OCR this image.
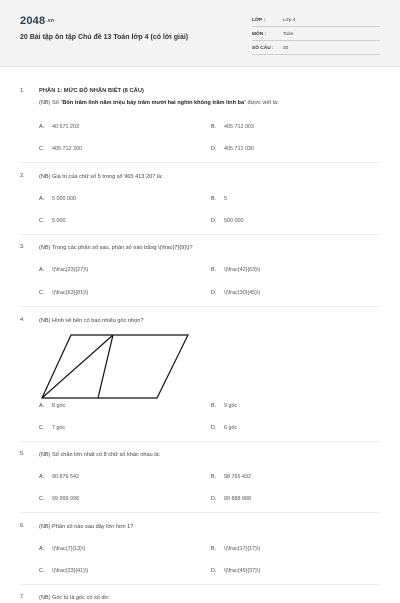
2048.vn
20 Bài tập ôn tập Chủ đề 13 Toán lớp 4 (có lời giải)
LỚP :	Lớp 4
MÔN :	Toán
SỐ CÂU : 20
1. PHẦN 1: MỨC ĐỘ NHẬN BIẾT (8 CÂU)
(NB) Số “Bốn trăm linh năm triệu bảy trăm mười hai nghìn không trăm linh ba” được viết là:
A. 40 571 203	B. 405 712 003
C. 405 712 300	D. 405 712 030
2.	(NB) Giá trị của chữ số 5 trong số 965 413 207 là:
A. 5 000 000	B. 5
C. 5 000	D. 500 000
3.	(NB) Trong các phân số sau, phân số nào bằng \(\frac{7}{9}\)?
A. \(\frac{23}{27}\)	B. \(\frac{42}{63}\)
C. \(\frac{63}{81}\)	D. \(\frac{30}{45}\)
4.	(NB) Hình vẽ bên có bao nhiêu góc nhọn?
A. 8 góc	B. 9 góc
C. 7 góc	D. 6 góc
5.	(NB) Số chẵn lớn nhất có 8 chữ số khác nhau là:
A. 90 876 542	B. 98 765 432
C. 99 999 998	D. 88 888 888
6.	(NB) Phân số nào sau đây lớn hơn 1?
A. \(\frac{7}{13}\)	B. \(\frac{17}{17}\)
C. \(\frac{23}{41}\)	D. \(\frac{45}{37}\)
7.	(NB) Góc tù là góc có số đo:
